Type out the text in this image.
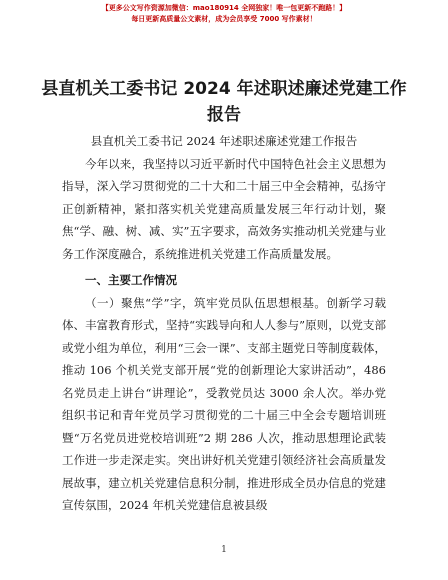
【更多公文写作资源加微信：mao180914 全网独家！唯一包更新不跑路！】
每日更新高质量公文素材，成为会员享受 7000 写作素材！
县直机关工委书记 2024 年述职述廉述党建工作报告

县直机关工委书记 2024 年述职述廉述党建工作报告

今年以来，我坚持以习近平新时代中国特色社会主义思想为指导，深入学习贯彻党的二十大和二十届三中全会精神，弘扬守正创新精神，紧扣落实机关党建高质量发展三年行动计划，聚焦“学、融、树、减、实”五字要求，高效务实推动机关党建与业务工作深度融合，系统推进机关党建工作高质量发展。

一、主要工作情况

（一）聚焦“学”字，筑牢党员队伍思想根基。创新学习载体、丰富教育形式，坚持“实践导向和人人参与”原则，以党支部或党小组为单位，利用“三会一课”、支部主题党日等制度载体，推动 106 个机关党支部开展“党的创新理论大家讲活动”，486 名党员走上讲台“讲理论”，受教党员达 3000 余人次。举办党组织书记和青年党员学习贯彻党的二十届三中全会专题培训班暨“万名党员进党校培训班”2 期 286 人次，推动思想理论武装工作进一步走深走实。突出讲好机关党建引领经济社会高质量发展故事，建立机关党建信息积分制，推进形成全员办信息的党建宣传氛围，2024 年机关党建信息被县级

1
